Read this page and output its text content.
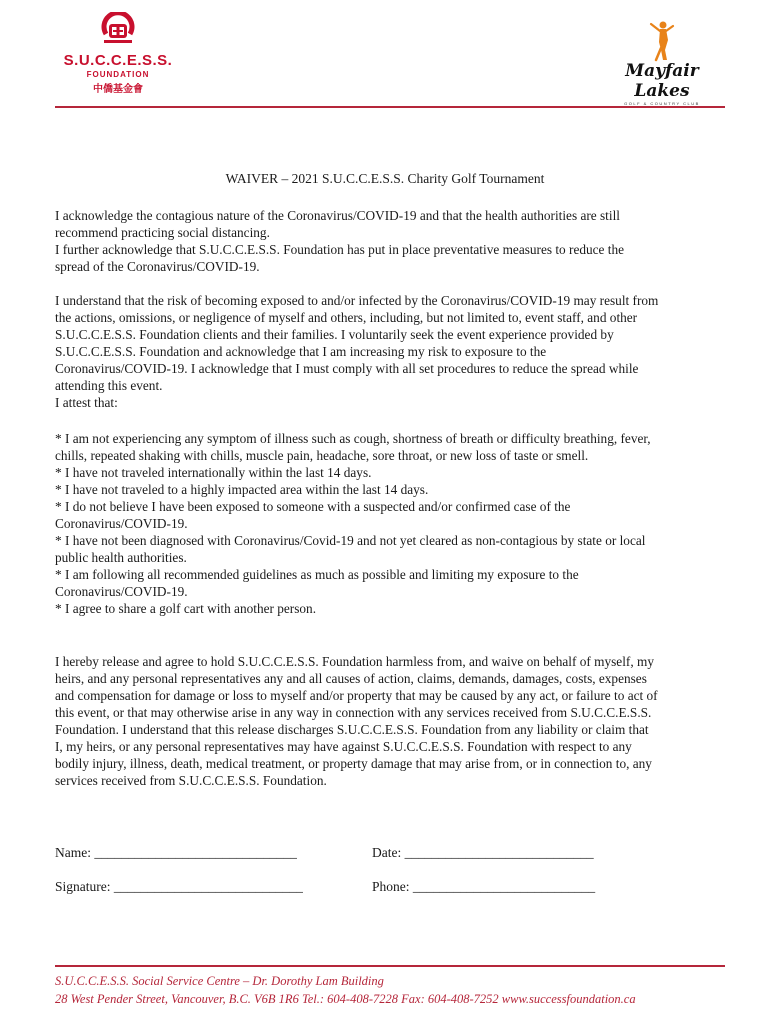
S.U.C.C.E.S.S.
FOUNDATION
中僑基金會
Mayfair Lakes
GOLF & COUNTRY CLUB
WAIVER – 2021 S.U.C.C.E.S.S. Charity Golf Tournament

I acknowledge the contagious nature of the Coronavirus/COVID-19 and that the health authorities are still

recommend practicing social distancing.

I further acknowledge that S.U.C.C.E.S.S. Foundation has put in place preventative measures to reduce the

spread of the Coronavirus/COVID-19.

I understand that the risk of becoming exposed to and/or infected by the Coronavirus/COVID-19 may result from

the actions, omissions, or negligence of myself and others, including, but not limited to, event staff, and other

S.U.C.C.E.S.S. Foundation clients and their families. I voluntarily seek the event experience provided by

S.U.C.C.E.S.S. Foundation and acknowledge that I am increasing my risk to exposure to the

Coronavirus/COVID-19. I acknowledge that I must comply with all set procedures to reduce the spread while

attending this event.

I attest that:

* I am not experiencing any symptom of illness such as cough, shortness of breath or difficulty breathing, fever,

chills, repeated shaking with chills, muscle pain, headache, sore throat, or new loss of taste or smell.

* I have not traveled internationally within the last 14 days.

* I have not traveled to a highly impacted area within the last 14 days.

* I do not believe I have been exposed to someone with a suspected and/or confirmed case of the

Coronavirus/COVID-19.

* I have not been diagnosed with Coronavirus/Covid-19 and not yet cleared as non-contagious by state or local

public health authorities.

* I am following all recommended guidelines as much as possible and limiting my exposure to the

Coronavirus/COVID-19.

* I agree to share a golf cart with another person.

I hereby release and agree to hold S.U.C.C.E.S.S. Foundation harmless from, and waive on behalf of myself, my

heirs, and any personal representatives any and all causes of action, claims, demands, damages, costs, expenses

and compensation for damage or loss to myself and/or property that may be caused by any act, or failure to act of

this event, or that may otherwise arise in any way in connection with any services received from S.U.C.C.E.S.S.

Foundation. I understand that this release discharges S.U.C.C.E.S.S. Foundation from any liability or claim that

I, my heirs, or any personal representatives may have against S.U.C.C.E.S.S. Foundation with respect to any

bodily injury, illness, death, medical treatment, or property damage that may arise from, or in connection to, any

services received from S.U.C.C.E.S.S. Foundation.

Name: ______________________________	Date: ____________________________
Signature: ____________________________	Phone: ___________________________
S.U.C.C.E.S.S. Social Service Centre – Dr. Dorothy Lam Building
28 West Pender Street, Vancouver, B.C. V6B 1R6 Tel.: 604-408-7228 Fax: 604-408-7252 www.successfoundation.ca
